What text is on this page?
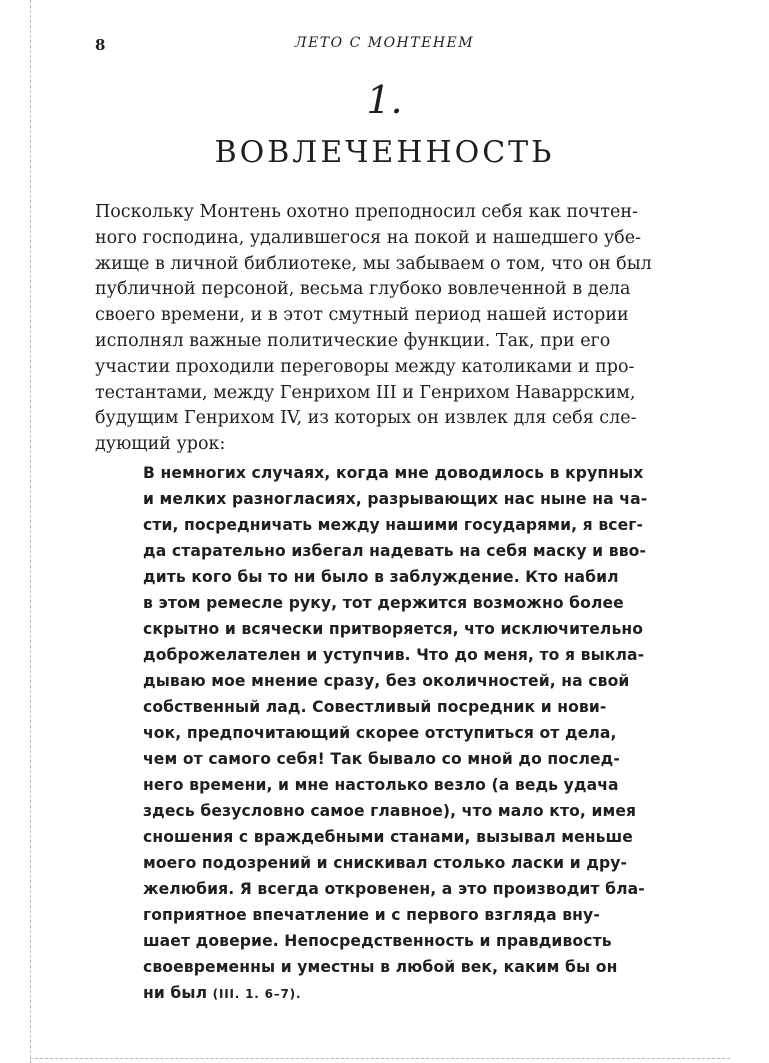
8	ЛЕТО С МОНТЕНЕМ
1.
ВОВЛЕЧЕННОСТЬ
Поскольку Монтень охотно преподносил себя как почтен-
ного господина, удалившегося на покой и нашедшего убе-
жище в личной библиотеке, мы забываем о том, что он был
публичной персоной, весьма глубоко вовлеченной в дела
своего времени, и в этот смутный период нашей истории
исполнял важные политические функции. Так, при его
участии проходили переговоры между католиками и про-
тестантами, между Генрихом III и Генрихом Наваррским,
будущим Генрихом IV, из которых он извлек для себя сле-
дующий урок:
В немногих случаях, когда мне доводилось в крупных
и мелких разногласиях, разрывающих нас ныне на ча-
сти, посредничать между нашими государями, я всег-
да старательно избегал надевать на себя маску и вво-
дить кого бы то ни было в заблуждение. Кто набил
в этом ремесле руку, тот держится возможно более
скрытно и всячески притворяется, что исключительно
доброжелателен и уступчив. Что до меня, то я выкла-
дываю мое мнение сразу, без околичностей, на свой
собственный лад. Совестливый посредник и нови-
чок, предпочитающий скорее отступиться от дела,
чем от самого себя! Так бывало со мной до послед-
него времени, и мне настолько везло (а ведь удача
здесь безусловно самое главное), что мало кто, имея
сношения с враждебными станами, вызывал меньше
моего подозрений и снискивал столько ласки и дру-
желюбия. Я всегда откровенен, а это производит бла-
гоприятное впечатление и с первого взгляда вну-
шает доверие. Непосредственность и правдивость
своевременны и уместны в любой век, каким бы он
ни был (III. 1. 6–7).
